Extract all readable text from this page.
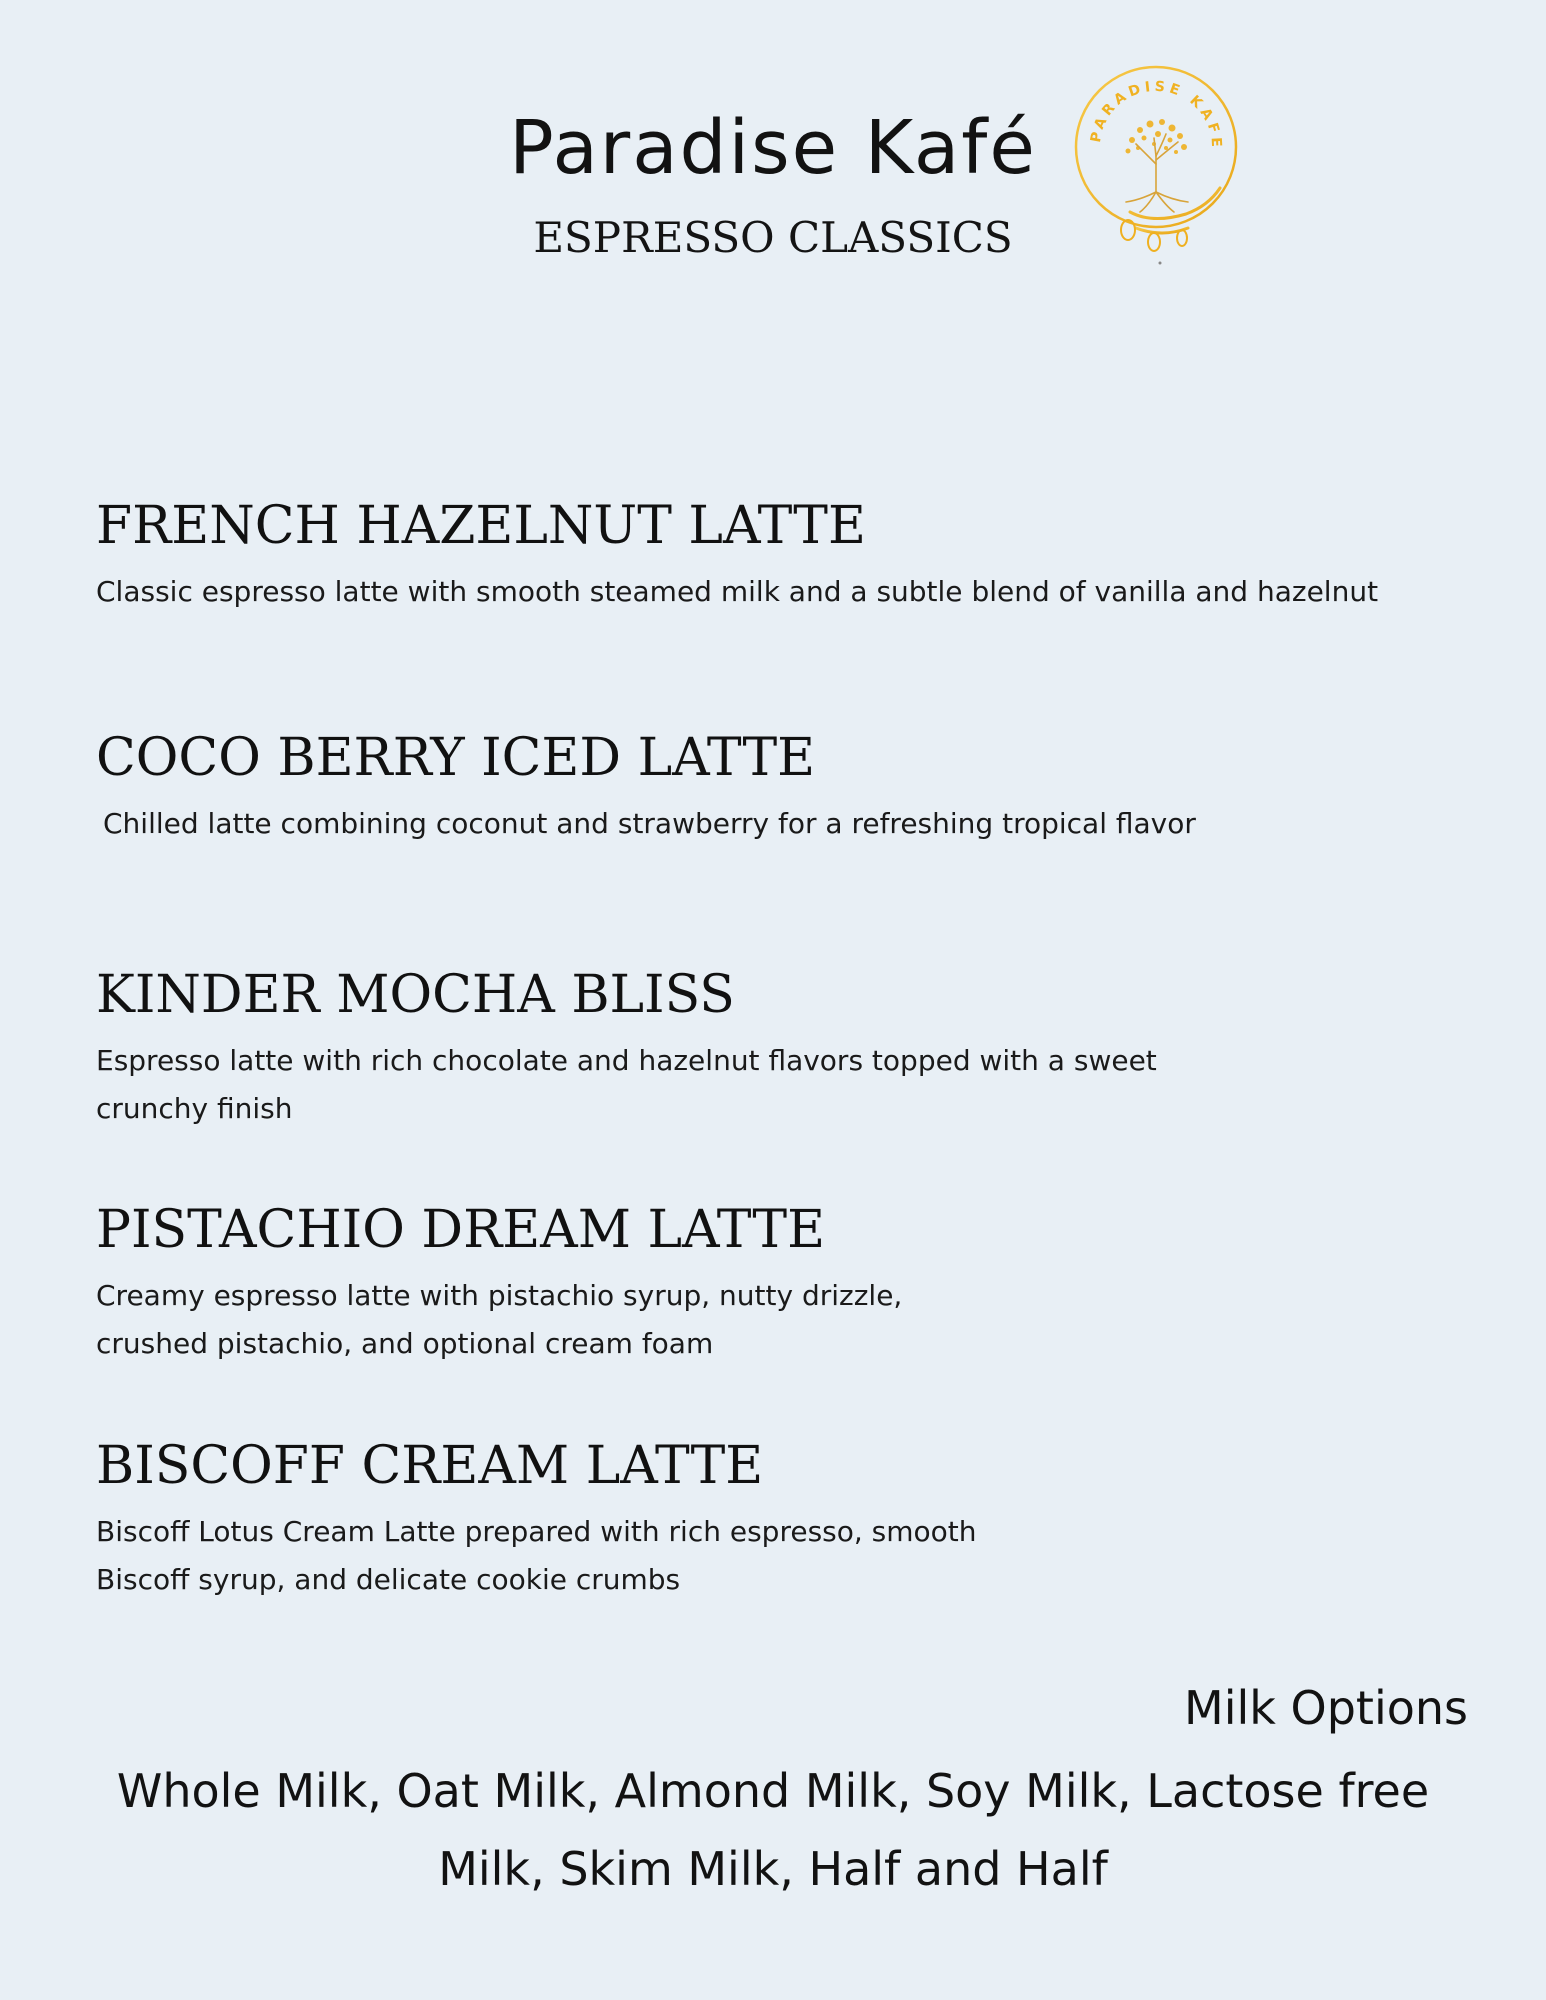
Paradise Kafé
ESPRESSO CLASSICS
PARADISE KAFE
FRENCH HAZELNUT LATTE

Classic espresso latte with smooth steamed milk and a subtle blend of vanilla and hazelnut

COCO BERRY ICED LATTE

Chilled latte combining coconut and strawberry for a refreshing tropical flavor

KINDER MOCHA BLISS

Espresso latte with rich chocolate and hazelnut flavors topped with a sweet crunchy finish

PISTACHIO DREAM LATTE

Creamy espresso latte with pistachio syrup, nutty drizzle, crushed pistachio, and optional cream foam

BISCOFF CREAM LATTE

Biscoff Lotus Cream Latte prepared with rich espresso, smooth Biscoff syrup, and delicate cookie crumbs

Milk Options

Whole Milk, Oat Milk, Almond Milk, Soy Milk, Lactose free Milk, Skim Milk, Half and Half
